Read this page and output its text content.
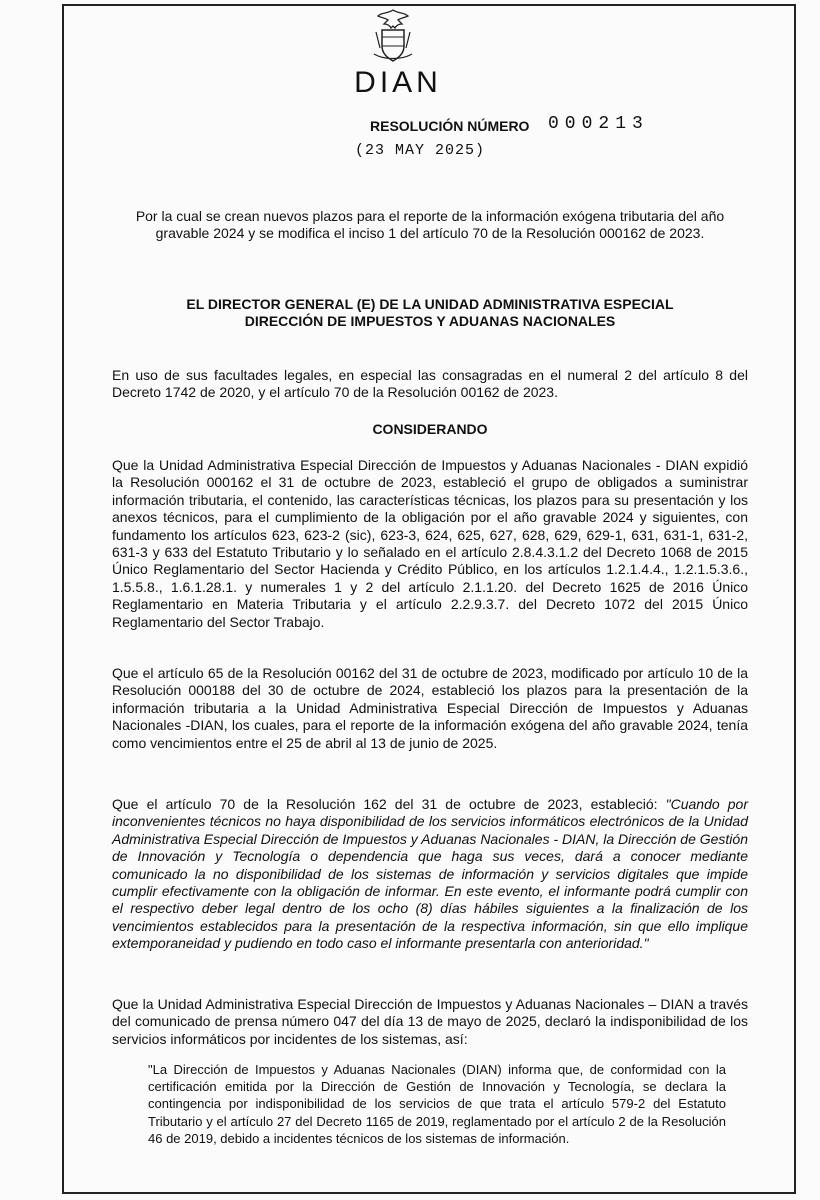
DIAN
RESOLUCIÓN NÚMERO 000213
(23 MAY 2025)
Por la cual se crean nuevos plazos para el reporte de la información exógena tributaria del año gravable 2024 y se modifica el inciso 1 del artículo 70 de la Resolución 000162 de 2023.
EL DIRECTOR GENERAL (E) DE LA UNIDAD ADMINISTRATIVA ESPECIAL
DIRECCIÓN DE IMPUESTOS Y ADUANAS NACIONALES
En uso de sus facultades legales, en especial las consagradas en el numeral 2 del artículo 8 del Decreto 1742 de 2020, y el artículo 70 de la Resolución 00162 de 2023.
CONSIDERANDO
Que la Unidad Administrativa Especial Dirección de Impuestos y Aduanas Nacionales - DIAN expidió la Resolución 000162 el 31 de octubre de 2023, estableció el grupo de obligados a suministrar información tributaria, el contenido, las características técnicas, los plazos para su presentación y los anexos técnicos, para el cumplimiento de la obligación por el año gravable 2024 y siguientes, con fundamento los artículos 623, 623-2 (sic), 623-3, 624, 625, 627, 628, 629, 629-1, 631, 631-1, 631-2, 631-3 y 633 del Estatuto Tributario y lo señalado en el artículo 2.8.4.3.1.2 del Decreto 1068 de 2015 Único Reglamentario del Sector Hacienda y Crédito Público, en los artículos 1.2.1.4.4., 1.2.1.5.3.6., 1.5.5.8., 1.6.1.28.1. y numerales 1 y 2 del artículo 2.1.1.20. del Decreto 1625 de 2016 Único Reglamentario en Materia Tributaria y el artículo 2.2.9.3.7. del Decreto 1072 del 2015 Único Reglamentario del Sector Trabajo.
Que el artículo 65 de la Resolución 00162 del 31 de octubre de 2023, modificado por artículo 10 de la Resolución 000188 del 30 de octubre de 2024, estableció los plazos para la presentación de la información tributaria a la Unidad Administrativa Especial Dirección de Impuestos y Aduanas Nacionales -DIAN, los cuales, para el reporte de la información exógena del año gravable 2024, tenía como vencimientos entre el 25 de abril al 13 de junio de 2025.
Que el artículo 70 de la Resolución 162 del 31 de octubre de 2023, estableció: "Cuando por inconvenientes técnicos no haya disponibilidad de los servicios informáticos electrónicos de la Unidad Administrativa Especial Dirección de Impuestos y Aduanas Nacionales - DIAN, la Dirección de Gestión de Innovación y Tecnología o dependencia que haga sus veces, dará a conocer mediante comunicado la no disponibilidad de los sistemas de información y servicios digitales que impide cumplir efectivamente con la obligación de informar. En este evento, el informante podrá cumplir con el respectivo deber legal dentro de los ocho (8) días hábiles siguientes a la finalización de los vencimientos establecidos para la presentación de la respectiva información, sin que ello implique extemporaneidad y pudiendo en todo caso el informante presentarla con anterioridad."
Que la Unidad Administrativa Especial Dirección de Impuestos y Aduanas Nacionales – DIAN a través del comunicado de prensa número 047 del día 13 de mayo de 2025, declaró la indisponibilidad de los servicios informáticos por incidentes de los sistemas, así:
"La Dirección de Impuestos y Aduanas Nacionales (DIAN) informa que, de conformidad con la certificación emitida por la Dirección de Gestión de Innovación y Tecnología, se declara la contingencia por indisponibilidad de los servicios de que trata el artículo 579-2 del Estatuto Tributario y el artículo 27 del Decreto 1165 de 2019, reglamentado por el artículo 2 de la Resolución 46 de 2019, debido a incidentes técnicos de los sistemas de información.
